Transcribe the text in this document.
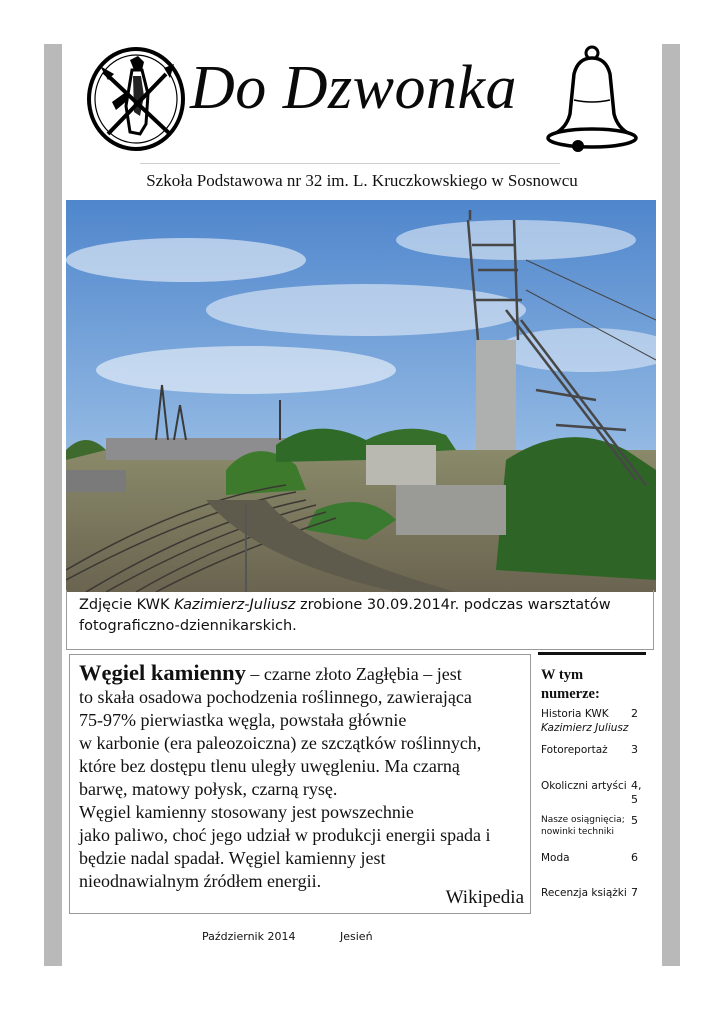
Do Dzwonka
Szkoła Podstawowa nr 32 im. L. Kruczkowskiego w Sosnowcu
Zdjęcie KWK Kazimierz-Juliusz zrobione 30.09.2014r. podczas warsztatów fotograficzno-dziennikarskich.
Węgiel kamienny – czarne złoto Zagłębia – jest
to skała osadowa pochodzenia roślinnego, zawierająca
75-97% pierwiastka węgla, powstała głównie
w karbonie (era paleozoiczna) ze szczątków roślinnych,
które bez dostępu tlenu uległy uwęgleniu. Ma czarną
barwę, matowy połysk, czarną rysę.
Węgiel kamienny stosowany jest powszechnie
jako paliwo, choć jego udział w produkcji energii spada i
będzie nadal spadał. Węgiel kamienny jest
nieodnawialnym źródłem energii.
Wikipedia
W tym
numerze:
Historia KWK
Kazimierz Juliusz
2
Fotoreportaż 3
Okoliczni artyści 4,
5
Nasze osiągnięcia;
nowinki techniki
5
Moda	6
Recenzja książki 7
Październik 2014	Jesień
